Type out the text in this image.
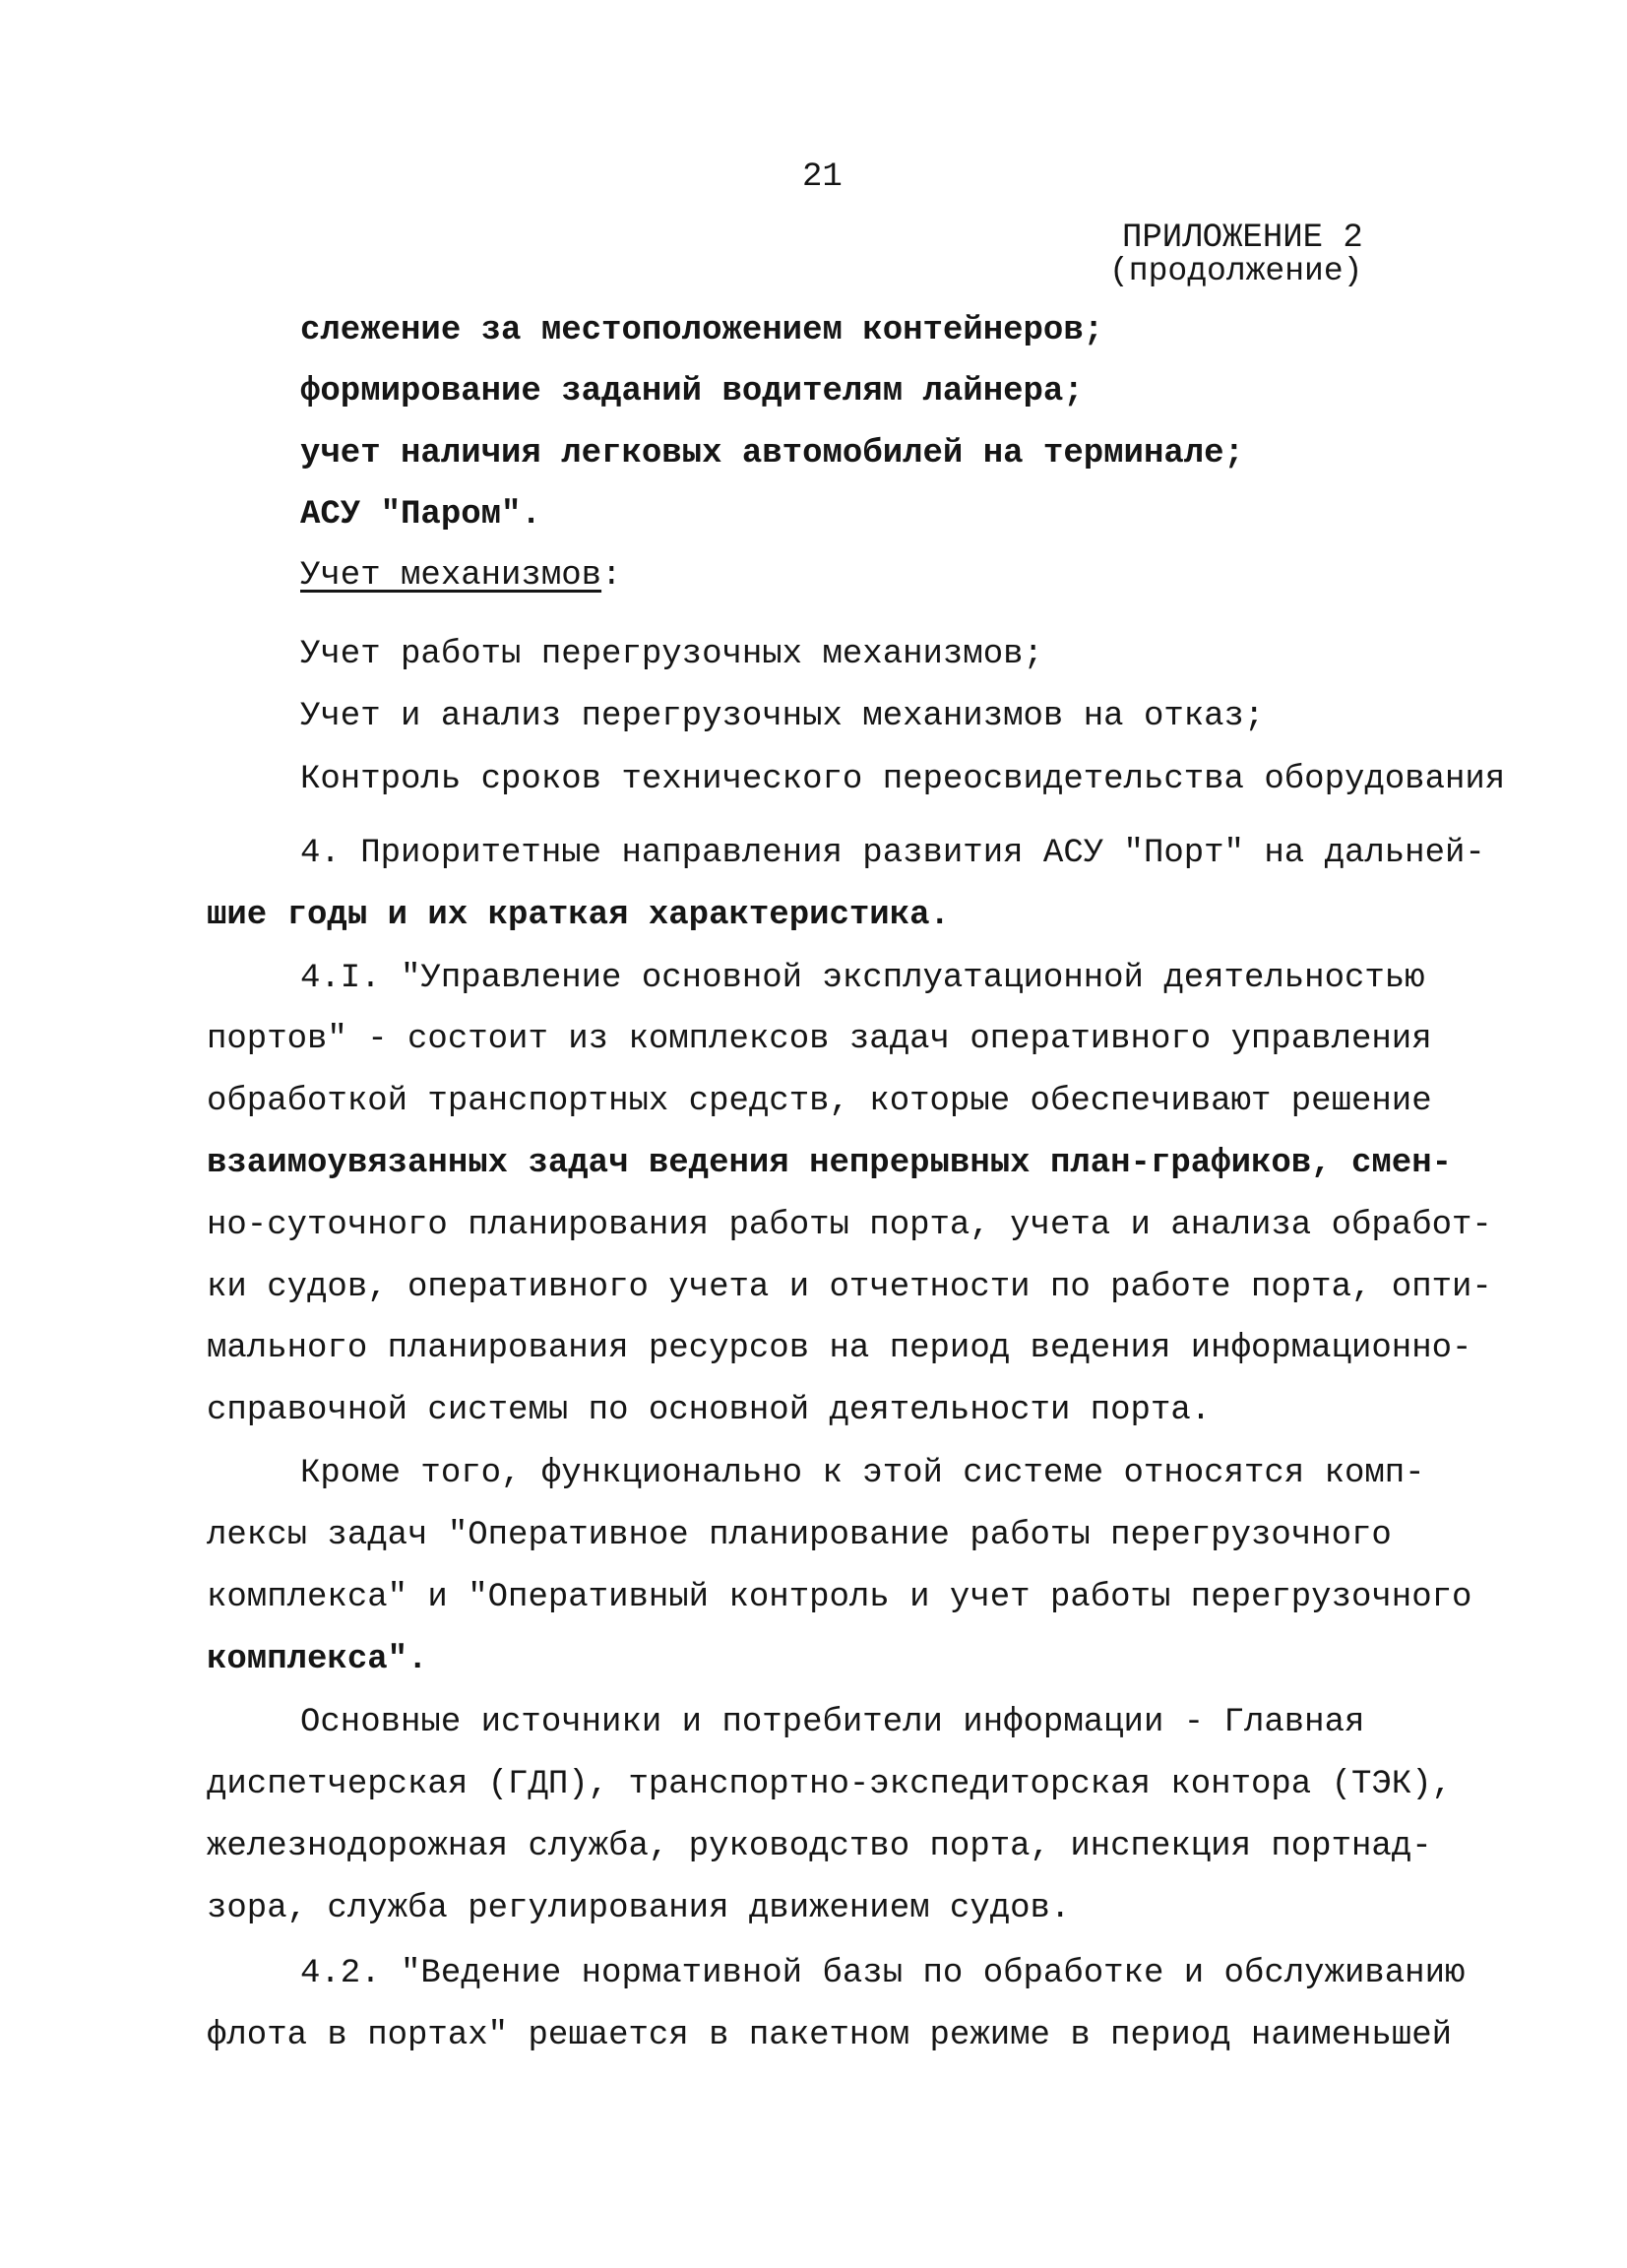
21
ПРИЛОЖЕНИЕ 2
(продолжение)
слежение за местоположением контейнеров;
формирование заданий водителям лайнера;
учет наличия легковых автомобилей на терминале;
АСУ "Паром".
Учет механизмов:
Учет работы перегрузочных механизмов;
Учет и анализ перегрузочных механизмов на отказ;
Контроль сроков технического переосвидетельства оборудования
4. Приоритетные направления развития АСУ "Порт" на дальней-
шие годы и их краткая характеристика.
4.I. "Управление основной эксплуатационной деятельностью
портов" - состоит из комплексов задач оперативного управления
обработкой транспортных средств, которые обеспечивают решение
взаимоувязанных задач ведения непрерывных план-графиков, смен-
но-суточного планирования работы порта, учета и анализа обработ-
ки судов, оперативного учета и отчетности по работе порта, опти-
мального планирования ресурсов на период ведения информационно-
справочной системы по основной деятельности порта.
Кроме того, функционально к этой системе относятся комп-
лексы задач "Оперативное планирование работы перегрузочного
комплекса" и "Оперативный контроль и учет работы перегрузочного
комплекса".
Основные источники и потребители информации - Главная
диспетчерская (ГДП), транспортно-экспедиторская контора (ТЭК),
железнодорожная служба, руководство порта, инспекция портнад-
зора, служба регулирования движением судов.
4.2. "Ведение нормативной базы по обработке и обслуживанию
флота в портах" решается в пакетном режиме в период наименьшей
